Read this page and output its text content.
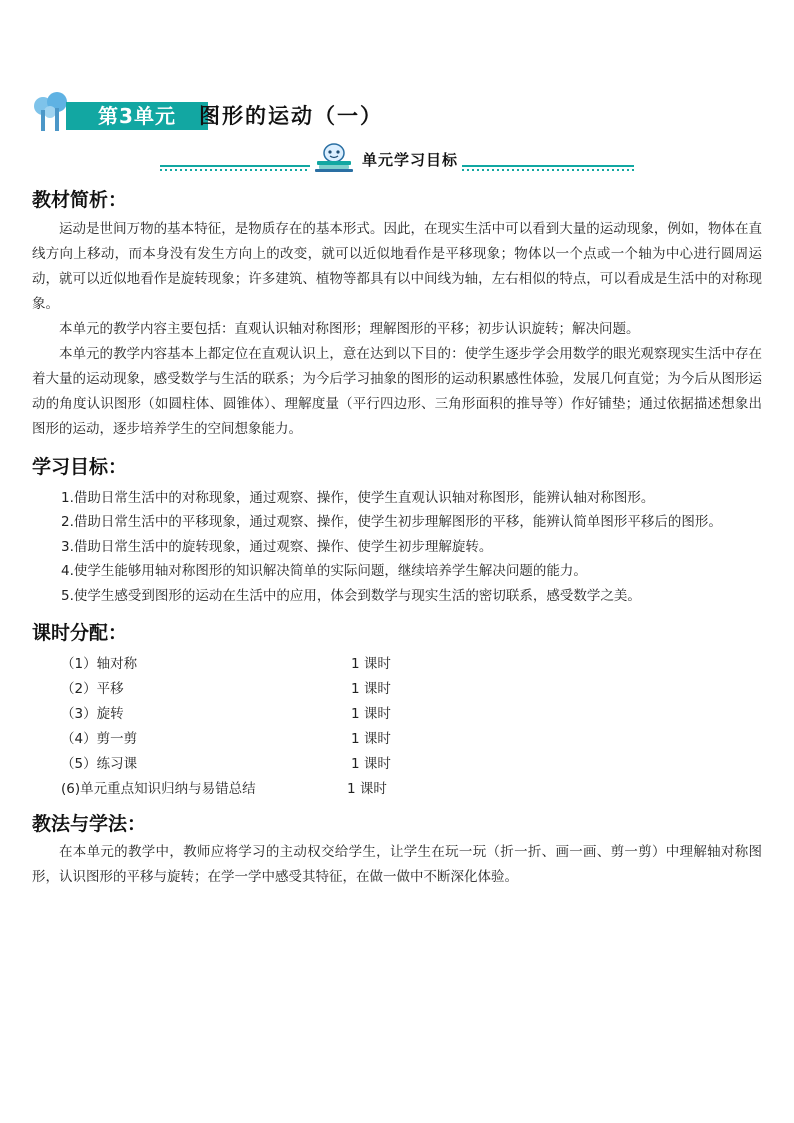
第3单元	图形的运动（一）
单元学习目标
教材简析：

运动是世间万物的基本特征，是物质存在的基本形式。因此，在现实生活中可以看到大量的运动现象，例如，物体在直线方向上移动，而本身没有发生方向上的改变，就可以近似地看作是平移现象；物体以一个点或一个轴为中心进行圆周运动，就可以近似地看作是旋转现象；许多建筑、植物等都具有以中间线为轴，左右相似的特点，可以看成是生活中的对称现象。

本单元的教学内容主要包括：直观认识轴对称图形；理解图形的平移；初步认识旋转；解决问题。

本单元的教学内容基本上都定位在直观认识上，意在达到以下目的：使学生逐步学会用数学的眼光观察现实生活中存在着大量的运动现象，感受数学与生活的联系；为今后学习抽象的图形的运动积累感性体验，发展几何直觉；为今后从图形运动的角度认识图形（如圆柱体、圆锥体）、理解度量（平行四边形、三角形面积的推导等）作好铺垫；通过依据描述想象出图形的运动，逐步培养学生的空间想象能力。

学习目标：
1.借助日常生活中的对称现象，通过观察、操作，使学生直观认识轴对称图形，能辨认轴对称图形。
2.借助日常生活中的平移现象，通过观察、操作，使学生初步理解图形的平移，能辨认简单图形平移后的图形。
3.借助日常生活中的旋转现象，通过观察、操作、使学生初步理解旋转。
4.使学生能够用轴对称图形的知识解决简单的实际问题，继续培养学生解决问题的能力。
5.使学生感受到图形的运动在生活中的应用，体会到数学与现实生活的密切联系，感受数学之美。
课时分配：
（1）轴对称	1 课时
（2）平移	1 课时
（3）旋转	1 课时
（4）剪一剪	1 课时
（5）练习课	1 课时
(6)单元重点知识归纳与易错总结	1 课时
教法与学法：

在本单元的教学中，教师应将学习的主动权交给学生，让学生在玩一玩（折一折、画一画、剪一剪）中理解轴对称图形，认识图形的平移与旋转；在学一学中感受其特征，在做一做中不断深化体验。
